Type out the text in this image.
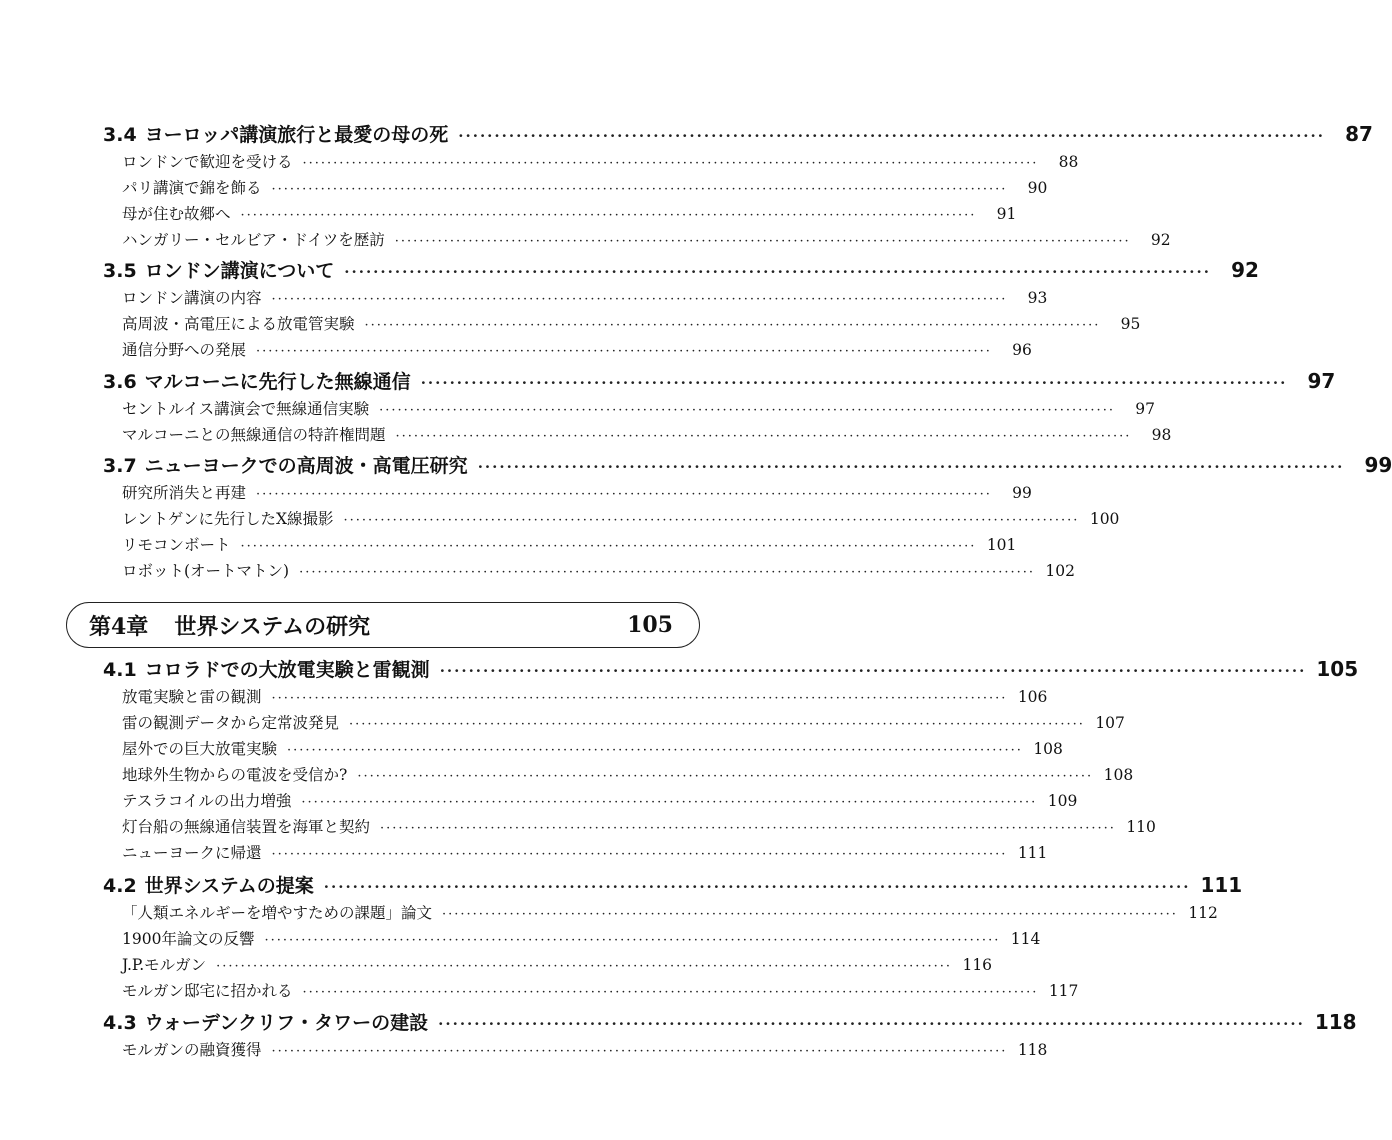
3.4 ヨーロッパ講演旅行と最愛の母の死 ························································································································	87
ロンドンで歓迎を受ける ························································································································	88
パリ講演で錦を飾る ························································································································	90
母が住む故郷へ ························································································································	91
ハンガリー・セルビア・ドイツを歴訪 ························································································································	92
3.5 ロンドン講演について ························································································································	92
ロンドン講演の内容 ························································································································	93
高周波・高電圧による放電管実験 ························································································································	95
通信分野への発展 ························································································································	96
3.6 マルコーニに先行した無線通信 ························································································································	97
セントルイス講演会で無線通信実験 ························································································································	97
マルコーニとの無線通信の特許権問題 ························································································································	98
3.7 ニューヨークでの高周波・高電圧研究 ························································································································	99
研究所消失と再建 ························································································································	99
レントゲンに先行したX線撮影 ························································································································ 100
リモコンボート ························································································································ 101
ロボット(オートマトン) ························································································································ 102
4.1 コロラドでの大放電実験と雷観測 ························································································································ 105
放電実験と雷の観測 ························································································································ 106
雷の観測データから定常波発見 ························································································································ 107
屋外での巨大放電実験 ························································································································ 108
地球外生物からの電波を受信か? ························································································································ 108
テスラコイルの出力増強 ························································································································ 109
灯台船の無線通信装置を海軍と契約 ························································································································ 110
ニューヨークに帰還 ························································································································ 111
4.2 世界システムの提案 ························································································································ 111
「人類エネルギーを増やすための課題」論文 ························································································································ 112
1900年論文の反響 ························································································································ 114
J.P.モルガン ························································································································ 116
モルガン邸宅に招かれる ························································································································ 117
4.3 ウォーデンクリフ・タワーの建設 ························································································································ 118
モルガンの融資獲得 ························································································································ 118
第4章 世界システムの研究	105
